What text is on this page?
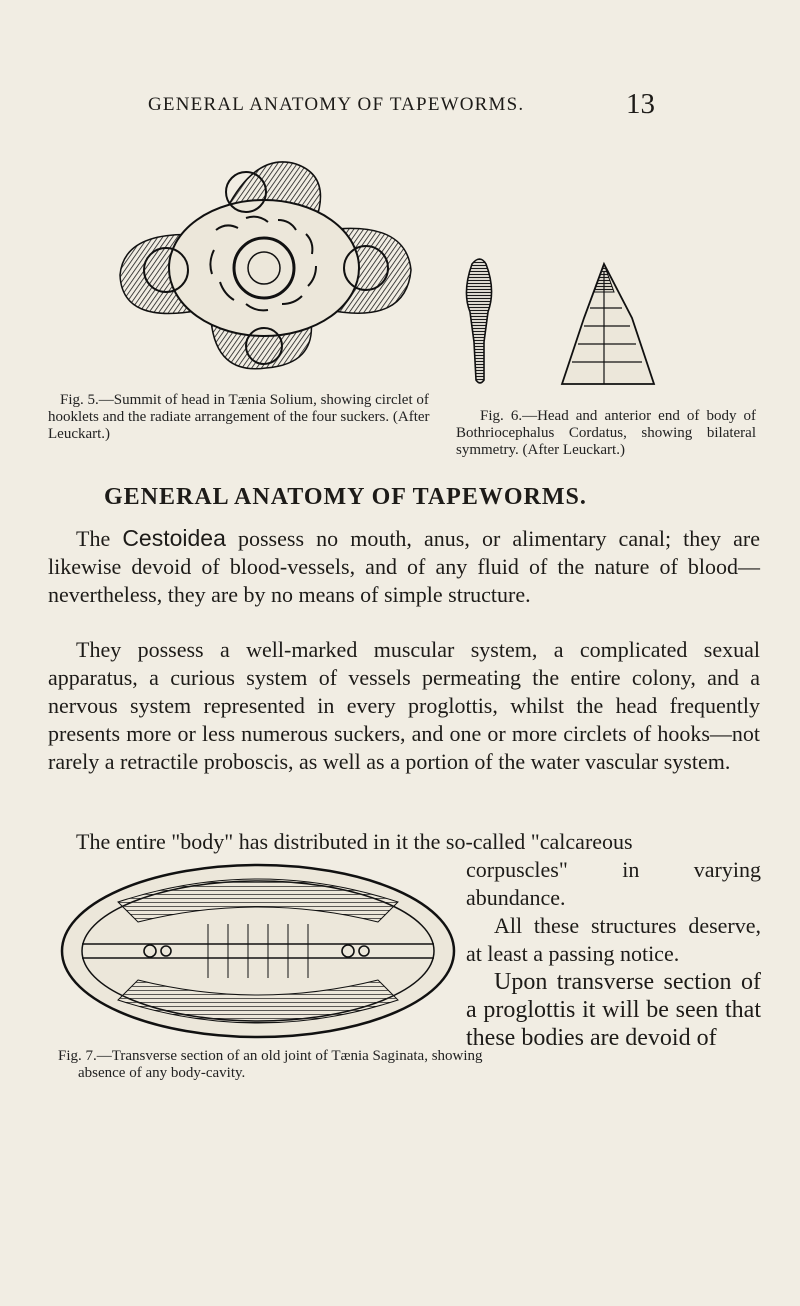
GENERAL ANATOMY OF TAPEWORMS.	13
Fig. 5.—Summit of head in Tænia Solium, showing circlet of hooklets and the radiate arrangement of the four suckers. (After Leuckart.)
Fig. 6.—Head and anterior end of body of Bothriocephalus Cordatus, showing bilateral symmetry. (After Leuckart.)
GENERAL ANATOMY OF TAPEWORMS.
The Cestoidea possess no mouth, anus, or alimentary canal; they are likewise devoid of blood-vessels, and of any fluid of the nature of blood—nevertheless, they are by no means of simple structure.
They possess a well-marked muscular system, a complicated sexual apparatus, a curious system of vessels permeating the entire colony, and a nervous system represented in every proglottis, whilst the head frequently presents more or less numerous suckers, and one or more circlets of hooks—not rarely a retractile proboscis, as well as a portion of the water vascular system.
The entire "body" has distributed in it the so-called "calcareous
Fig. 7.—Transverse section of an old joint of Tænia Saginata, showing absence of any body-cavity.

corpuscles" in varying abundance.

All these structures deserve, at least a passing notice.

Upon transverse section of a proglottis it will be seen that these bodies are devoid of
